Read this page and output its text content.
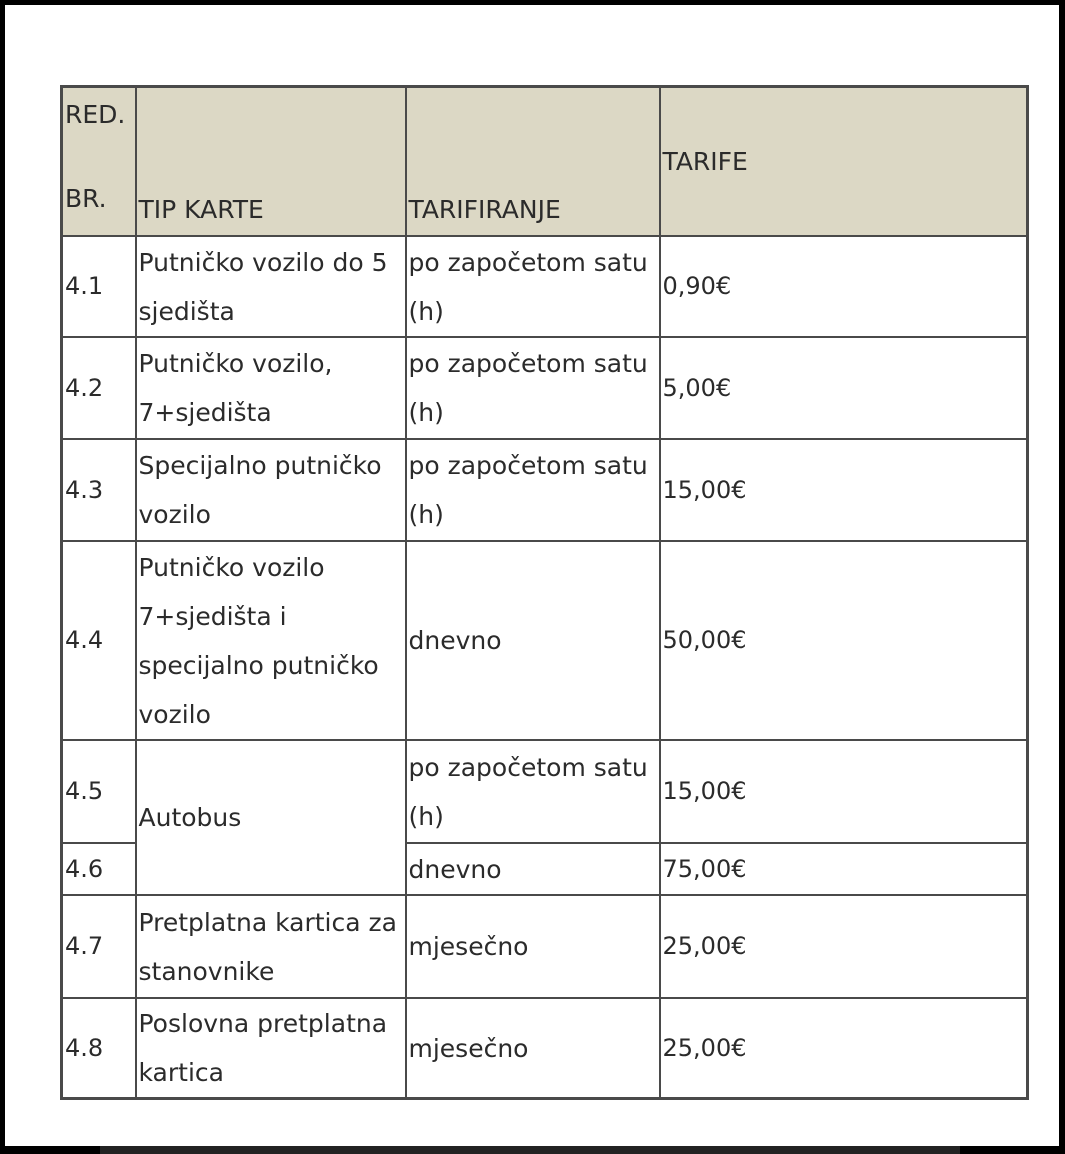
RED.
BR.	TIP KARTE	TARIFIRANJE	TARIFE
4.1	Putničko vozilo do 5 sjedišta	po započetom satu (h)	0,90€
4.2	Putničko vozilo, 7+sjedišta	po započetom satu (h)	5,00€
4.3	Specijalno putničko vozilo	po započetom satu (h)	15,00€
4.4	Putničko vozilo 7+sjedišta i specijalno putničko vozilo	dnevno	50,00€
4.5	Autobus	po započetom satu (h)	15,00€
4.6		dnevno	75,00€
4.7	Pretplatna kartica za stanovnike	mjesečno	25,00€
4.8	Poslovna pretplatna kartica	mjesečno	25,00€
